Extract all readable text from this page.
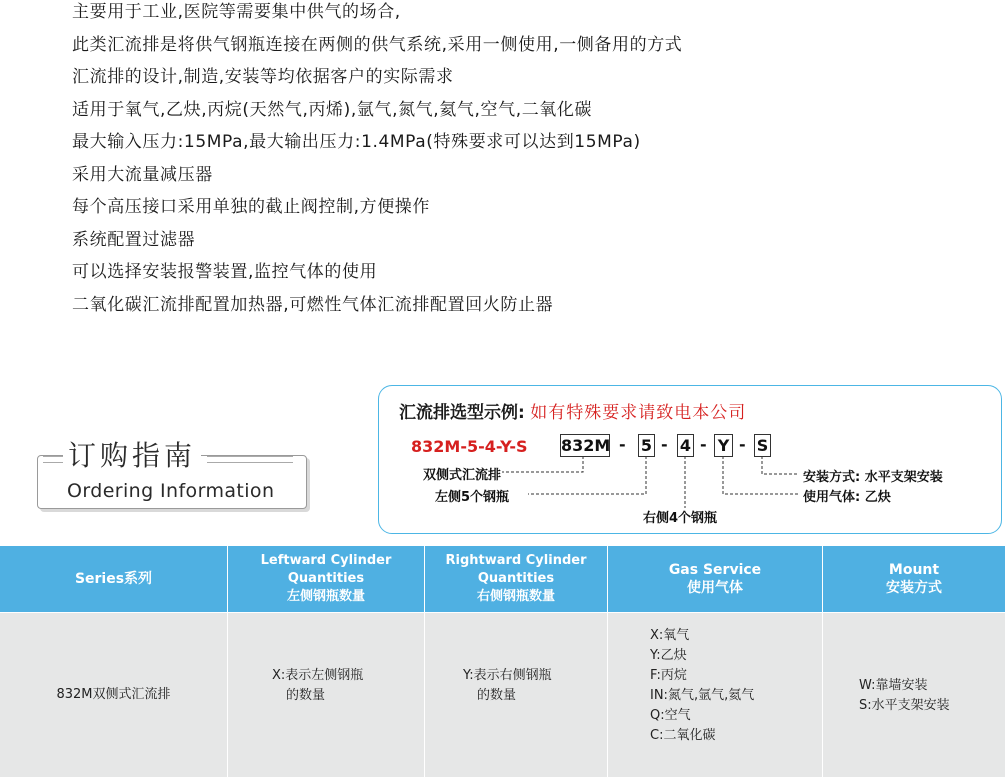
主要用于工业,医院等需要集中供气的场合,
此类汇流排是将供气钢瓶连接在两侧的供气系统,采用一侧使用,一侧备用的方式
汇流排的设计,制造,安装等均依据客户的实际需求
适用于氧气,乙炔,丙烷(天然气,丙烯),氩气,氮气,氦气,空气,二氧化碳
最大输入压力:15MPa,最大输出压力:1.4MPa(特殊要求可以达到15MPa)
采用大流量减压器
每个高压接口采用单独的截止阀控制,方便操作
系统配置过滤器
可以选择安装报警装置,监控气体的使用
二氧化碳汇流排配置加热器,可燃性气体汇流排配置回火防止器
订购指南
Ordering Information
汇流排选型示例: 如有特殊要求请致电本公司
832M-5-4-Y-S 832M - 5 - 4 - Y - S
双侧式汇流排
左侧5个钢瓶
右侧4个钢瓶
安装方式: 水平支架安装
使用气体: 乙炔
Series系列
Leftward Cylinder Quantities
左侧钢瓶数量
Rightward Cylinder Quantities
右侧钢瓶数量
Gas Service
使用气体
Mount
安装方式
832M双侧式汇流排
X:表示左侧钢瓶
的数量
Y:表示右侧钢瓶
的数量
X:氧气
Y:乙炔
F:丙烷
IN:氮气,氩气,氦气
Q:空气
C:二氧化碳
W:靠墙安装
S:水平支架安装
